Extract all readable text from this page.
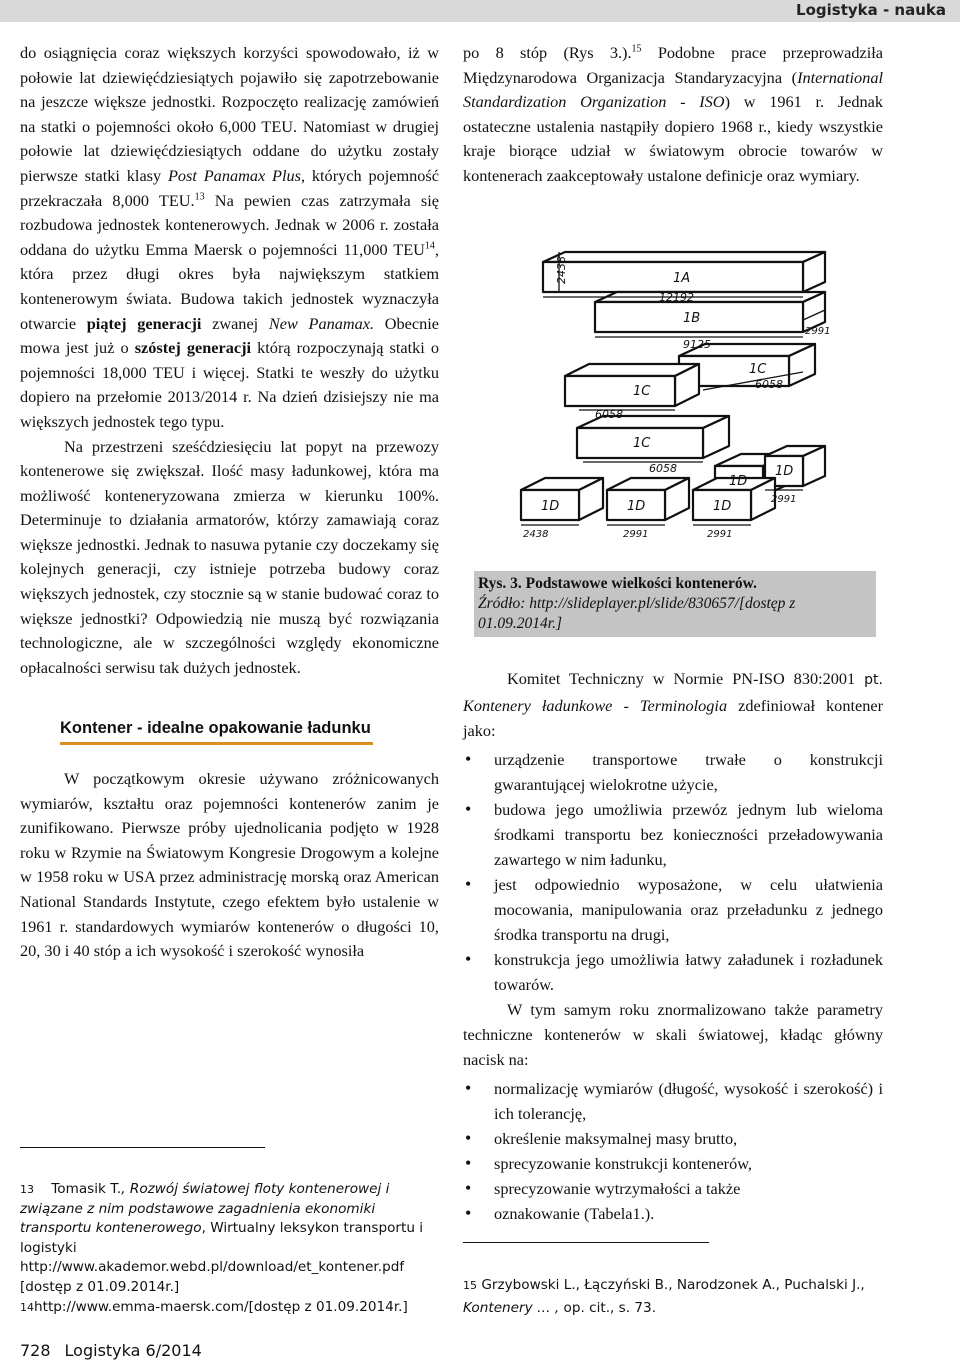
Logistyka - nauka

do osiągnięcia coraz większych korzyści spowodowało, iż w połowie lat dziewięćdziesiątych pojawiło się zapotrzebowanie na jeszcze większe jednostki. Rozpoczęto realizację zamówień na statki o pojemności około 6,000 TEU. Natomiast w drugiej połowie lat dziewięćdziesiątych oddane do użytku zostały pierwsze statki klasy Post Panamax Plus, których pojemność przekraczała 8,000 TEU.$^{13}$ Na pewien czas zatrzymała się rozbudowa jednostek kontenerowych. Jednak w 2006 r. została oddana do użytku Emma Maersk o pojemności 11,000 TEU$^{14}$, która przez długi okres była największym statkiem kontenerowym świata. Budowa takich jednostek wyznaczyła otwarcie piątej generacji zwanej New Panamax. Obecnie mowa jest już o szóstej generacji którą rozpoczynają statki o pojemności 18,000 TEU i więcej. Statki te weszły do użytku dopiero na przełomie 2013/2014 r. Na dzień dzisiejszy nie ma większych jednostek tego typu.

Na przestrzeni sześćdziesięciu lat popyt na przewozy kontenerowe się zwiększał. Ilość masy ładunkowej, która ma możliwość konteneryzowana zmierza w kierunku 100%. Determinuje to działania armatorów, którzy zamawiają coraz większe jednostki. Jednak to nasuwa pytanie czy doczekamy się kolejnych generacji, czy istnieje potrzeba budowy coraz większych jednostek, czy stocznie są w stanie budować coraz to większe jednostki? Odpowiedzią nie muszą być rozwiązania technologiczne, ale w szczególności względy ekonomiczne opłacalności serwisu tak dużych jednostek.

Kontener - idealne opakowanie ładunku

W początkowym okresie używano zróżnicowanych wymiarów, kształtu oraz pojemności kontenerów zanim je zunifikowano. Pierwsze próby ujednolicania podjęto w 1928 roku w Rzymie na Światowym Kongresie Drogowym a kolejne w 1958 roku w USA przez administrację morską oraz American National Standards Instytute, czego efektem było ustalenie w 1961 r. standardowych wymiarów kontenerów o długości 10, 20, 30 i 40 stóp a ich wysokość i szerokość wynosiła

13 Tomasik T., Rozwój światowej floty kontenerowej i związane z nim podstawowe zagadnienia ekonomiki transportu kontenerowego, Wirtualny leksykon transportu i logistyki http://www.akademor.webd.pl/download/et_kontener.pdf [dostęp z 01.09.2014r.]

14http://www.emma-maersk.com/[dostęp z 01.09.2014r.]

728 Logistyka 6/2014

po 8 stóp (Rys 3.).$^{15}$ Podobne prace przeprowadziła Międzynarodowa Organizacja Standaryzacyjna (International Standardization Organization - ISO) w 1961 r. Jednak ostateczne ustalenia nastąpiły dopiero 1968 r., kiedy wszystkie kraje biorące udział w światowym obrocie towarów w kontenerach zaakceptowały ustalone definicje oraz wymiary.

2438	1A
12192
1B
2991
9125
1C
6058
1C
6058
1C
6058
1D
1D
1D	1D	1D
2438	2991	2991
2991
Rys. 3. Podstawowe wielkości kontenerów.
Źródło: http://slideplayer.pl/slide/830657/[dostęp z 01.09.2014r.]

Komitet Techniczny w Normie PN-ISO 830:2001 pt. Kontenery ładunkowe - Terminologia zdefiniował kontener jako:

• urządzenie transportowe trwałe o konstrukcji gwarantującej wielokrotne użycie,
• budowa jego umożliwia przewóz jednym lub wieloma środkami transportu bez konieczności przeładowywania zawartego w nim ładunku,
• jest odpowiednio wyposażone, w celu ułatwienia mocowania, manipulowania oraz przeładunku z jednego środka transportu na drugi,
• konstrukcja jego umożliwia łatwy załadunek i rozładunek towarów.

W tym samym roku znormalizowano także parametry techniczne kontenerów w skali światowej, kładąc główny nacisk na:

• normalizację wymiarów (długość, wysokość i szerokość) i ich tolerancję,
• określenie maksymalnej masy brutto,
• sprecyzowanie konstrukcji kontenerów,
• sprecyzowanie wytrzymałości a także
• oznakowanie (Tabela1.).

15 Grzybowski L., Łączyński B., Narodzonek A., Puchalski J., Kontenery … , op. cit., s. 73.
